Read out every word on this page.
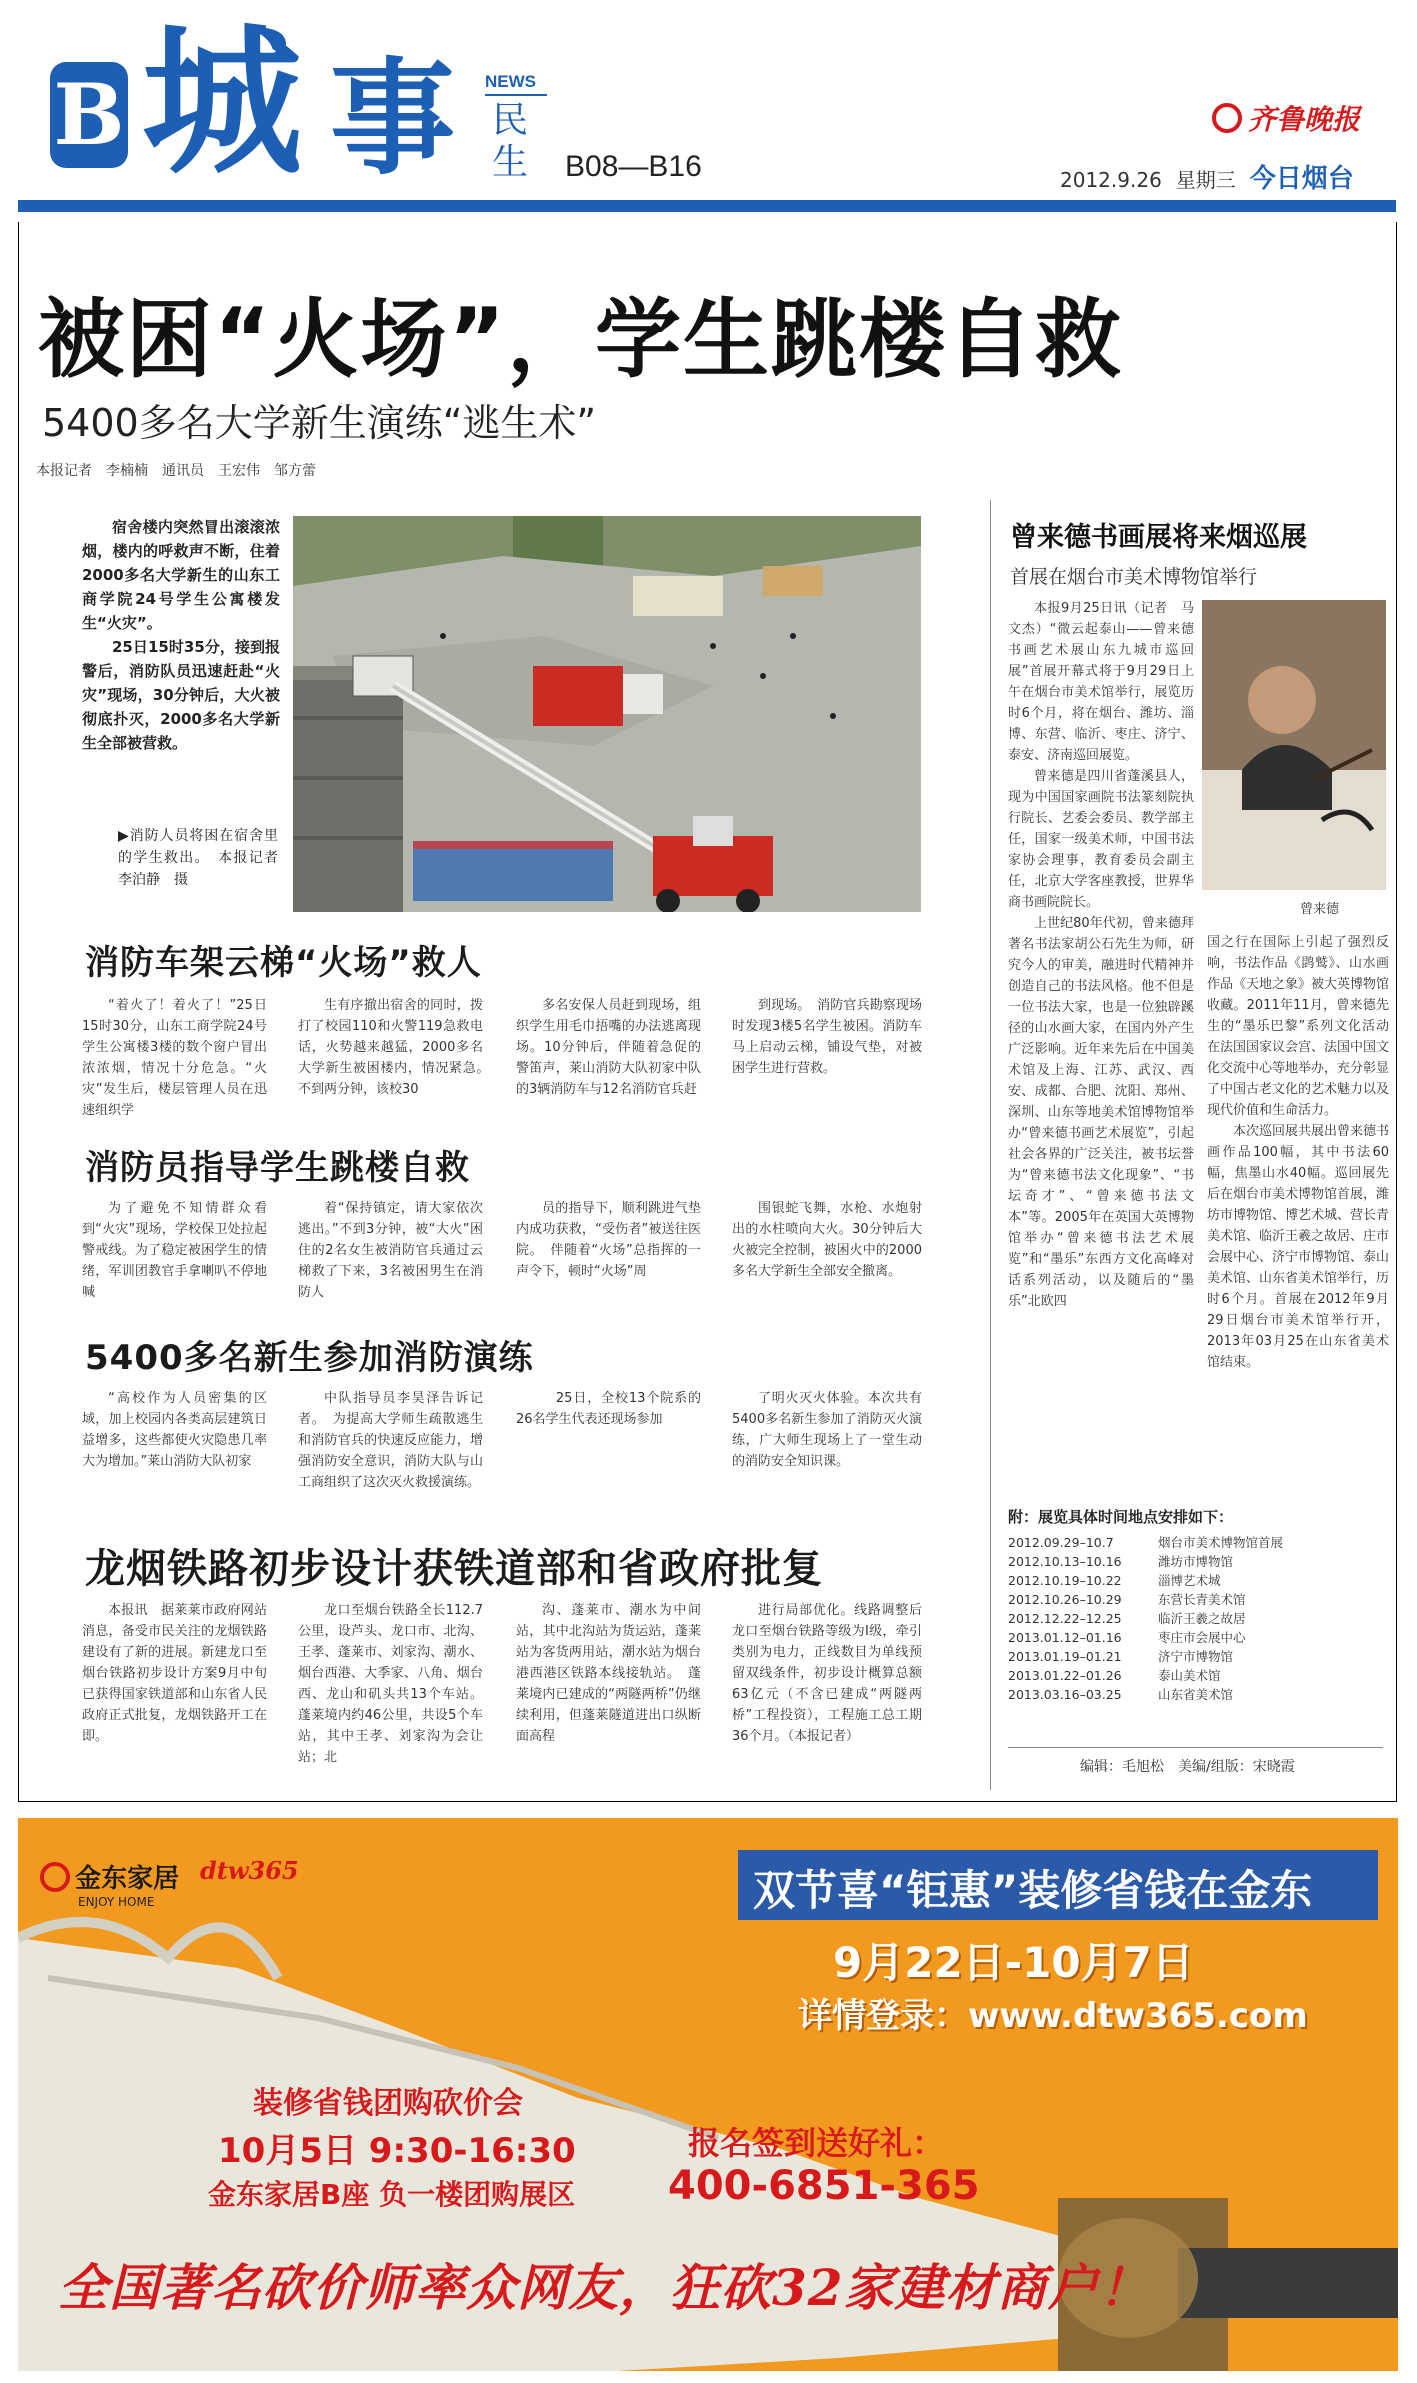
B 城 事 NEWS
民生 B08—B16
齐鲁晚报
2012.9.26 星期三 今日烟台
被困“火场”，学生跳楼自救
5400多名大学新生演练“逃生术”
本报记者　李楠楠　通讯员　王宏伟　邹方蕾

宿舍楼内突然冒出滚滚浓烟，楼内的呼救声不断，住着2000多名大学新生的山东工商学院24号学生公寓楼发生“火灾”。

25日15时35分，接到报警后，消防队员迅速赶赴“火灾”现场，30分钟后，大火被彻底扑灭，2000多名大学新生全部被营救。

▶消防人员将困在宿舍里的学生救出。　本报记者　李泊静　摄
消防车架云梯“火场”救人

“着火了！着火了！”25日15时30分，山东工商学院24号学生公寓楼3楼的数个窗户冒出浓浓烟，情况十分危急。“火灾”发生后，楼层管理人员在迅速组织学

生有序撤出宿舍的同时，拨打了校园110和火警119急救电话，火势越来越猛，2000多名大学新生被困楼内，情况紧急。　不到两分钟，该校30

多名安保人员赶到现场，组织学生用毛巾捂嘴的办法逃离现场。10分钟后，伴随着急促的警笛声，莱山消防大队初家中队的3辆消防车与12名消防官兵赶

到现场。　消防官兵勘察现场时发现3楼5名学生被困。消防车马上启动云梯，铺设气垫，对被困学生进行营救。

消防员指导学生跳楼自救

为了避免不知情群众看到“火灾”现场，学校保卫处拉起警戒线。为了稳定被困学生的情绪，军训团教官手拿喇叭不停地喊

着“保持镇定，请大家依次逃出。”不到3分钟，被“大火”困住的2名女生被消防官兵通过云梯救了下来，3名被困男生在消防人

员的指导下，顺利跳进气垫内成功获救，“受伤者”被送往医院。　伴随着“火场”总指挥的一声令下，顿时“火场”周

围银蛇飞舞，水枪、水炮射出的水柱喷向大火。30分钟后大火被完全控制，被困火中的2000多名大学新生全部安全撤离。

5400多名新生参加消防演练

“高校作为人员密集的区域，加上校园内各类高层建筑日益增多，这些都使火灾隐患几率大为增加。”莱山消防大队初家

中队指导员李昊泽告诉记者。　为提高大学师生疏散逃生和消防官兵的快速反应能力，增强消防安全意识，消防大队与山工商组织了这次灭火救援演练。

　25日，全校13个院系的26名学生代表还现场参加

了明火灭火体验。本次共有5400多名新生参加了消防灭火演练，广大师生现场上了一堂生动的消防安全知识课。

龙烟铁路初步设计获铁道部和省政府批复

本报讯　据莱莱市政府网站消息，备受市民关注的龙烟铁路建设有了新的进展。新建龙口至烟台铁路初步设计方案9月中旬已获得国家铁道部和山东省人民政府正式批复，龙烟铁路开工在即。

龙口至烟台铁路全长112.7公里，设芦头、龙口市、北沟、王孝、蓬莱市、刘家沟、潮水、烟台西港、大季家、八角、烟台西、龙山和矶头共13个车站。蓬莱境内约46公里，共设5个车站，其中王孝、刘家沟为会让站；北

沟、蓬莱市、潮水为中间站，其中北沟站为货运站，蓬莱站为客货两用站，潮水站为烟台港西港区铁路本线接轨站。　蓬莱境内已建成的“两隧两桥”仍继续利用，但蓬莱隧道进出口纵断面高程

进行局部优化。线路调整后龙口至烟台铁路等级为Ⅰ级，牵引类别为电力，正线数目为单线预留双线条件，初步设计概算总额63亿元（不含已建成“两隧两桥”工程投资），工程施工总工期36个月。（本报记者）

曾来德书画展将来烟巡展
首展在烟台市美术博物馆举行
曾来德

本报9月25日讯（记者　马文杰）“微云起泰山——曾来德书画艺术展山东九城市巡回展”首展开幕式将于9月29日上午在烟台市美术馆举行，展览历时6个月，将在烟台、潍坊、淄博、东营、临沂、枣庄、济宁、泰安、济南巡回展览。

曾来德是四川省蓬溪县人，现为中国国家画院书法篆刻院执行院长、艺委会委员、教学部主任，国家一级美术师，中国书法家协会理事，教育委员会副主任，北京大学客座教授，世界华商书画院院长。

上世纪80年代初，曾来德拜著名书法家胡公石先生为师，研究今人的审美，融进时代精神并创造自己的书法风格。他不但是一位书法大家，也是一位独辟蹊径的山水画大家，在国内外产生广泛影响。近年来先后在中国美术馆及上海、江苏、武汉、西安、成都、合肥、沈阳、郑州、深圳、山东等地美术馆博物馆举办“曾来德书画艺术展览”，引起社会各界的广泛关注，被书坛誉为“曾来德书法文化现象”、“书坛奇才”、“曾来德书法文本”等。2005年在英国大英博物馆举办“曾来德书法艺术展览”和“墨乐”东西方文化高峰对话系列活动，以及随后的“墨乐”北欧四

国之行在国际上引起了强烈反响，书法作品《鹍鹫》、山水画作品《天地之象》被大英博物馆收藏。2011年11月，曾来德先生的“墨乐巴黎”系列文化活动在法国国家议会宫、法国中国文化交流中心等地举办，充分彰显了中国古老文化的艺术魅力以及现代价值和生命活力。

本次巡回展共展出曾来德书画作品100幅，其中书法60幅，焦墨山水40幅。巡回展先后在烟台市美术博物馆首展，潍坊市博物馆、博艺术城、营长青美术馆、临沂王羲之故居、庄市会展中心、济宁市博物馆、泰山美术馆、山东省美术馆举行，历时6个月。首展在2012年9月29日烟台市美术馆举行开，2013年03月25在山东省美术馆结束。

附：展览具体时间地点安排如下：
2012.09.29–10.7	烟台市美术博物馆首展
2012.10.13–10.16	潍坊市博物馆
2012.10.19–10.22	淄博艺术城
2012.10.26–10.29	东营长青美术馆
2012.12.22–12.25	临沂王羲之故居
2013.01.12–01.16	枣庄市会展中心
2013.01.19–01.21	济宁市博物馆
2013.01.22–01.26	泰山美术馆
2013.03.16–03.25	山东省美术馆
编辑：毛旭松　美编/组版：宋晓霞
金东家居
ENJOY HOME
dtw365	双节喜“钜惠”装修省钱在金东
9月22日-10月7日
详情登录：www.dtw365.com
装修省钱团购砍价会
10月5日 9:30-16:30
金东家居B座 负一楼团购展区
报名签到送好礼：
400-6851-365
全国著名砍价师率众网友，狂砍32家建材商户！
